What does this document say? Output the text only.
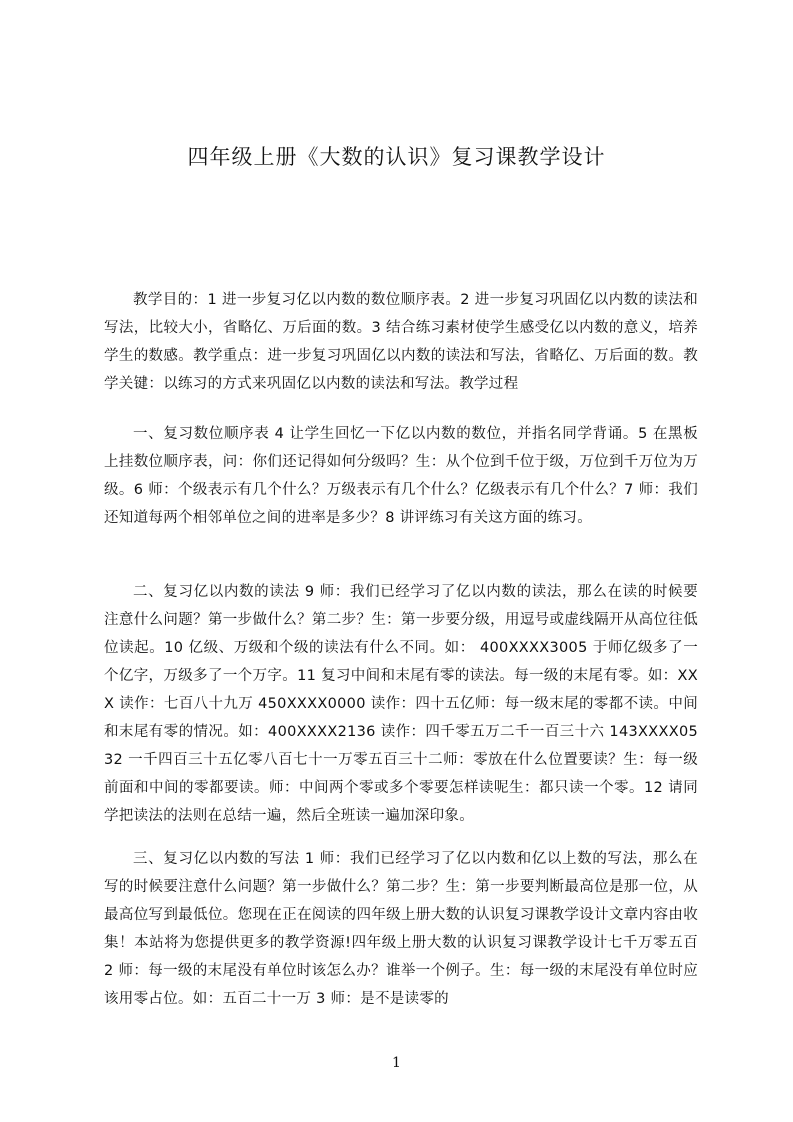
四年级上册《大数的认识》复习课教学设计

教学目的：1 进一步复习亿以内数的数位顺序表。2 进一步复习巩固亿以内数的读法和写法，比较大小，省略亿、万后面的数。3 结合练习素材使学生感受亿以内数的意义，培养学生的数感。教学重点：进一步复习巩固亿以内数的读法和写法，省略亿、万后面的数。教学关键：以练习的方式来巩固亿以内数的读法和写法。教学过程

一、复习数位顺序表 4 让学生回忆一下亿以内数的数位，并指名同学背诵。5 在黑板上挂数位顺序表，问：你们还记得如何分级吗？生：从个位到千位于级，万位到千万位为万级。6 师：个级表示有几个什么？万级表示有几个什么？亿级表示有几个什么？7 师：我们还知道每两个相邻单位之间的进率是多少？8 讲评练习有关这方面的练习。

二、复习亿以内数的读法 9 师：我们已经学习了亿以内数的读法，那么在读的时候要注意什么问题？第一步做什么？第二步？生：第一步要分级，用逗号或虚线隔开从高位往低位读起。10 亿级、万级和个级的读法有什么不同。如： 400XXXX3005 于师亿级多了一个亿字，万级多了一个万字。11 复习中间和末尾有零的读法。每一级的末尾有零。如：XXX 读作：七百八十九万 450XXXX0000 读作：四十五亿师：每一级末尾的零都不读。中间和末尾有零的情况。如：400XXXX2136 读作：四千零五万二千一百三十六 143XXXX0532 一千四百三十五亿零八百七十一万零五百三十二师：零放在什么位置要读？生：每一级前面和中间的零都要读。师：中间两个零或多个零要怎样读呢生：都只读一个零。12 请同学把读法的法则在总结一遍，然后全班读一遍加深印象。

三、复习亿以内数的写法 1 师：我们已经学习了亿以内数和亿以上数的写法，那么在写的时候要注意什么问题？第一步做什么？第二步？生：第一步要判断最高位是那一位，从最高位写到最低位。您现在正在阅读的四年级上册大数的认识复习课教学设计文章内容由收集！本站将为您提供更多的教学资源!四年级上册大数的认识复习课教学设计七千万零五百 2 师：每一级的末尾没有单位时该怎么办？谁举一个例子。生：每一级的末尾没有单位时应该用零占位。如：五百二十一万 3 师：是不是读零的

1
